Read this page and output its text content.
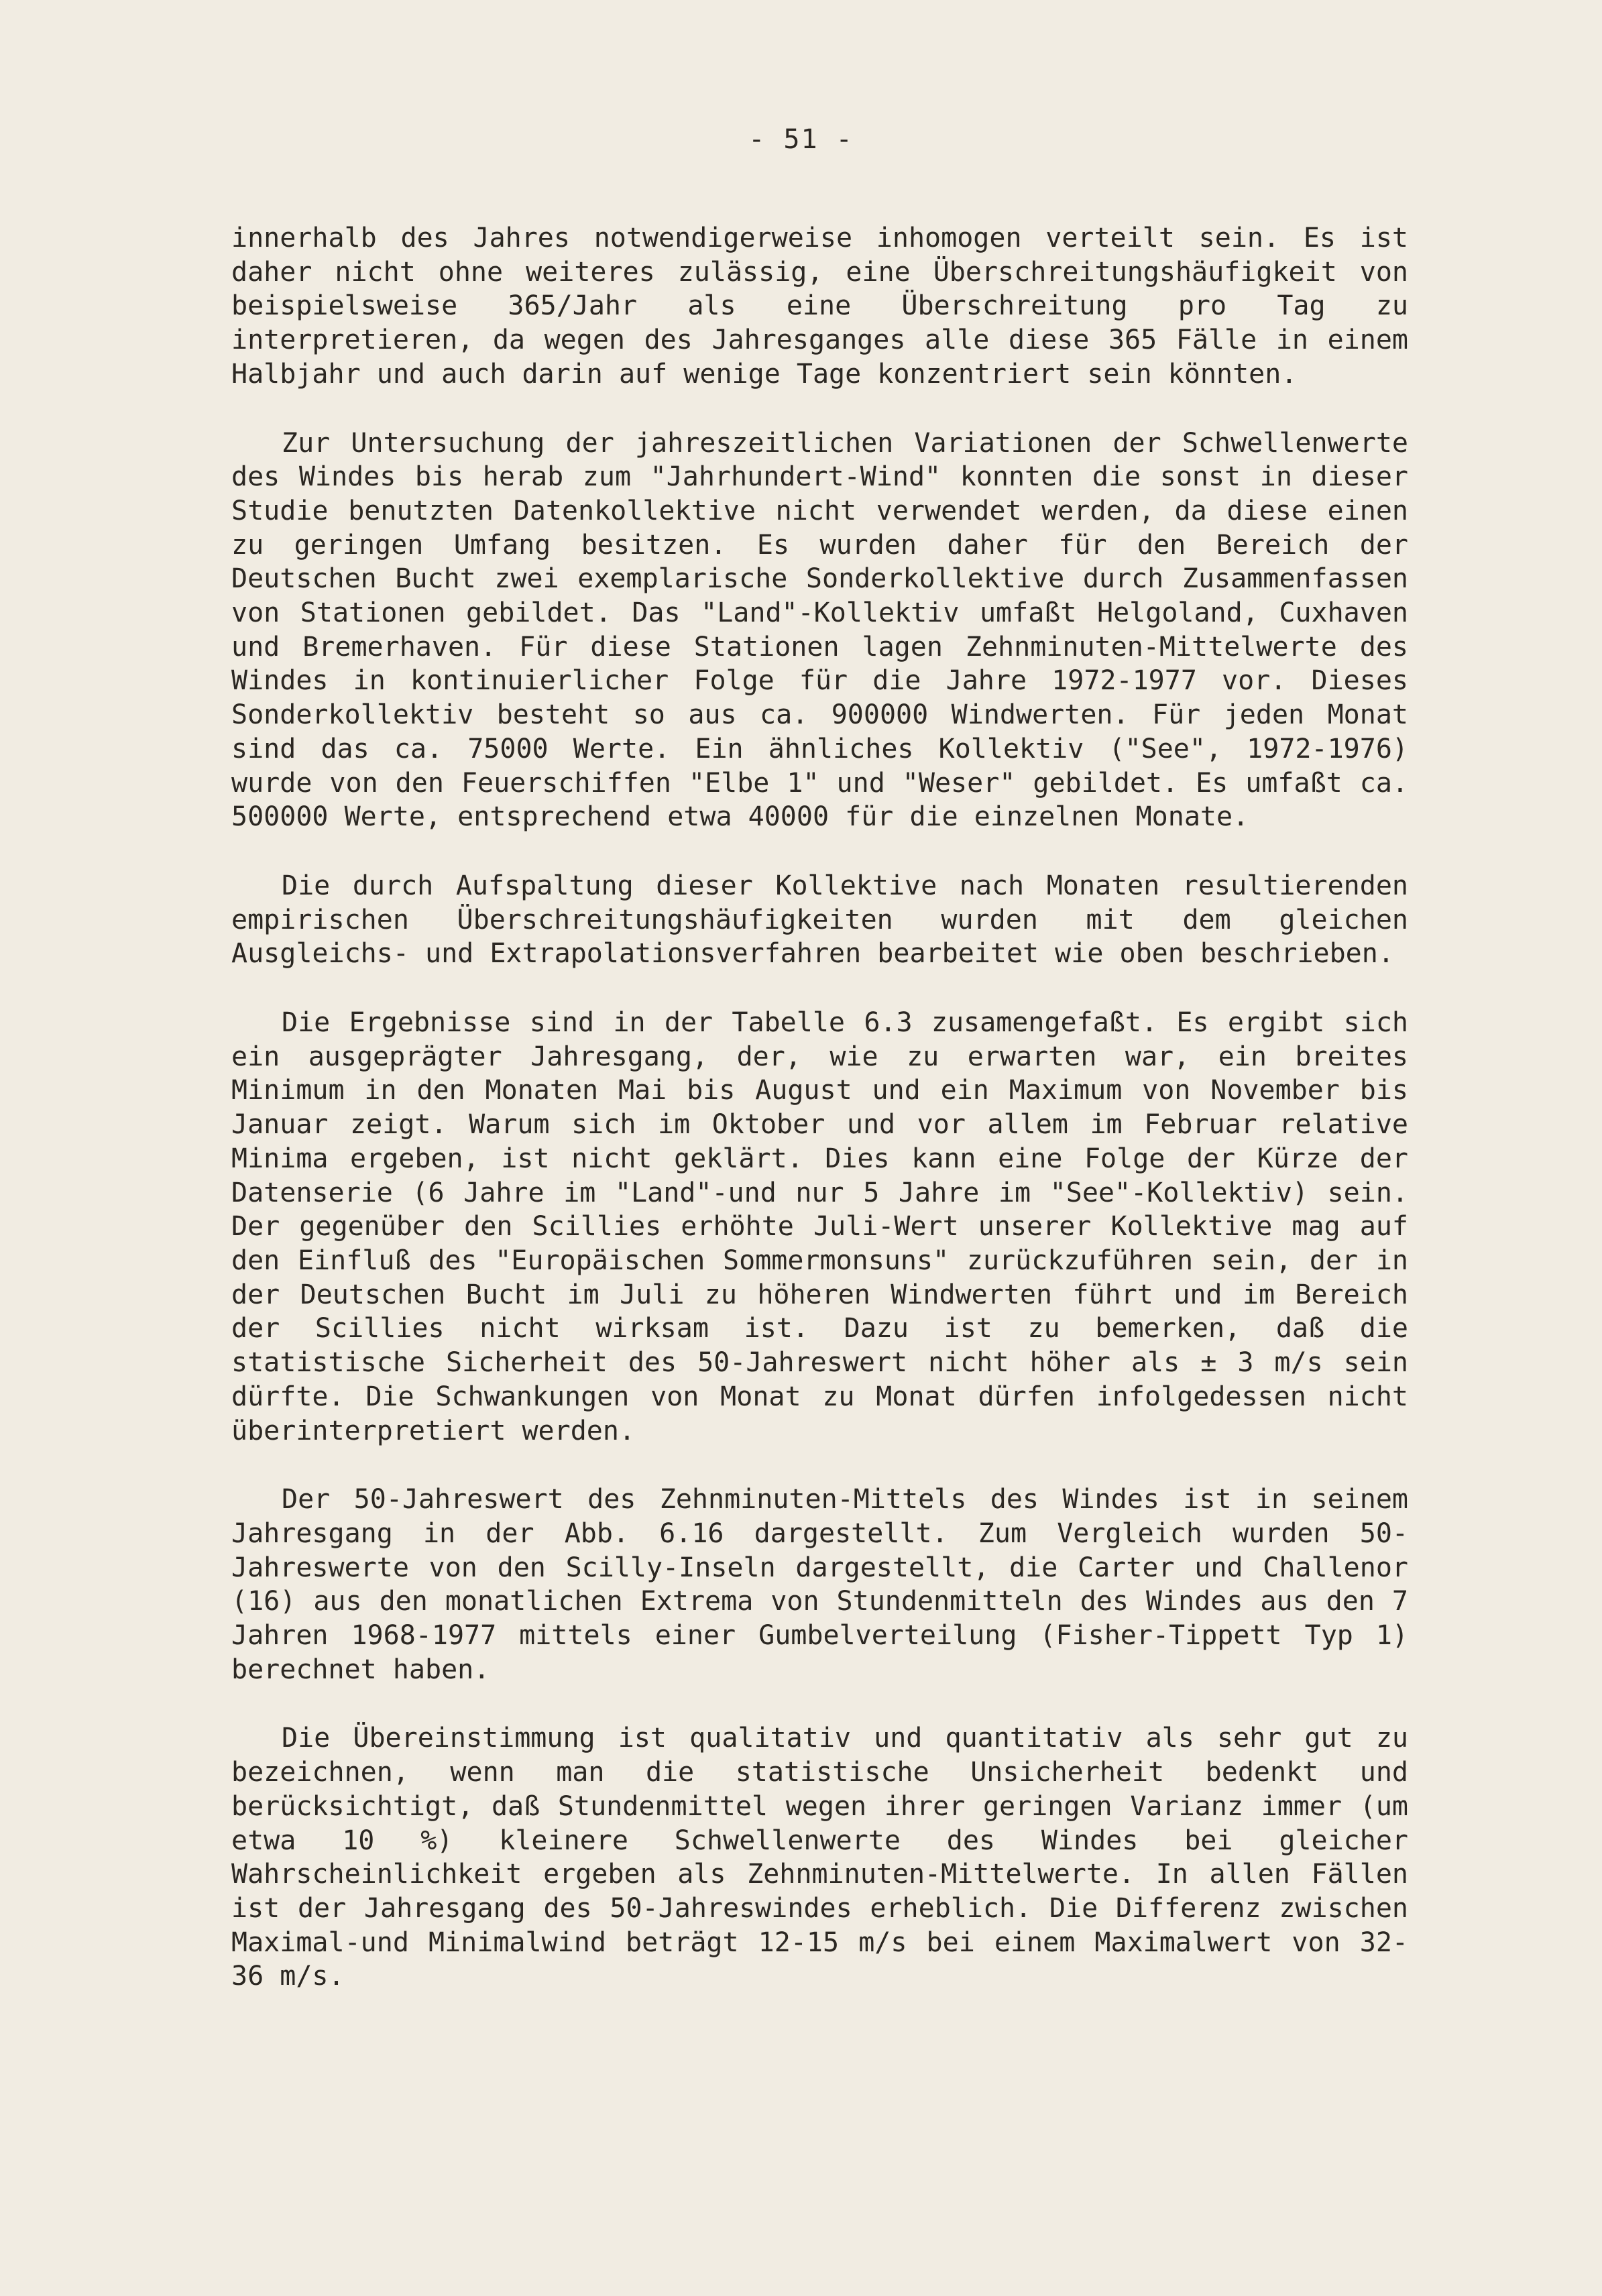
- 51 -

innerhalb des Jahres notwendigerweise inhomogen verteilt sein. Es ist daher nicht ohne weiteres zulässig, eine Überschreitungshäufigkeit von beispielsweise 365/Jahr als eine Überschreitung pro Tag zu interpretieren, da wegen des Jahresganges alle diese 365 Fälle in einem Halbjahr und auch darin auf wenige Tage konzentriert sein könnten.

Zur Untersuchung der jahreszeitlichen Variationen der Schwellenwerte des Windes bis herab zum "Jahrhundert-Wind" konnten die sonst in dieser Studie benutzten Datenkollektive nicht verwendet werden, da diese einen zu geringen Umfang besitzen. Es wurden daher für den Bereich der Deutschen Bucht zwei exemplarische Sonderkollektive durch Zusammenfassen von Stationen gebildet. Das "Land"-Kollektiv umfaßt Helgoland, Cuxhaven und Bremerhaven. Für diese Stationen lagen Zehnminuten-Mittelwerte des Windes in kontinuierlicher Folge für die Jahre 1972-1977 vor. Dieses Sonderkollektiv besteht so aus ca. 900000 Windwerten. Für jeden Monat sind das ca. 75000 Werte. Ein ähnliches Kollektiv ("See", 1972-1976) wurde von den Feuerschiffen "Elbe 1" und "Weser" gebildet. Es umfaßt ca. 500000 Werte, entsprechend etwa 40000 für die einzelnen Monate.

Die durch Aufspaltung dieser Kollektive nach Monaten resultierenden empirischen Überschreitungshäufigkeiten wurden mit dem gleichen Ausgleichs- und Extrapolationsverfahren bearbeitet wie oben beschrieben.

Die Ergebnisse sind in der Tabelle 6.3 zusamengefaßt. Es ergibt sich ein ausgeprägter Jahresgang, der, wie zu erwarten war, ein breites Minimum in den Monaten Mai bis August und ein Maximum von November bis Januar zeigt. Warum sich im Oktober und vor allem im Februar relative Minima ergeben, ist nicht geklärt. Dies kann eine Folge der Kürze der Datenserie (6 Jahre im "Land"-und nur 5 Jahre im "See"-Kollektiv) sein. Der gegenüber den Scillies erhöhte Juli-Wert unserer Kollektive mag auf den Einfluß des "Europäischen Sommermonsuns" zurückzuführen sein, der in der Deutschen Bucht im Juli zu höheren Windwerten führt und im Bereich der Scillies nicht wirksam ist. Dazu ist zu bemerken, daß die statistische Sicherheit des 50-Jahreswert nicht höher als ± 3 m/s sein dürfte. Die Schwankungen von Monat zu Monat dürfen infolgedessen nicht überinterpretiert werden.

Der 50-Jahreswert des Zehnminuten-Mittels des Windes ist in seinem Jahresgang in der Abb. 6.16 dargestellt. Zum Vergleich wurden 50-Jahreswerte von den Scilly-Inseln dargestellt, die Carter und Challenor (16) aus den monatlichen Extrema von Stundenmitteln des Windes aus den 7 Jahren 1968-1977 mittels einer Gumbelverteilung (Fisher-Tippett Typ 1) berechnet haben.

Die Übereinstimmung ist qualitativ und quantitativ als sehr gut zu bezeichnen, wenn man die statistische Unsicherheit bedenkt und berücksichtigt, daß Stundenmittel wegen ihrer geringen Varianz immer (um etwa 10 %) kleinere Schwellenwerte des Windes bei gleicher Wahrscheinlichkeit ergeben als Zehnminuten-Mittelwerte. In allen Fällen ist der Jahresgang des 50-Jahreswindes erheblich. Die Differenz zwischen Maximal-und Minimalwind beträgt 12-15 m/s bei einem Maximalwert von 32-36 m/s.
